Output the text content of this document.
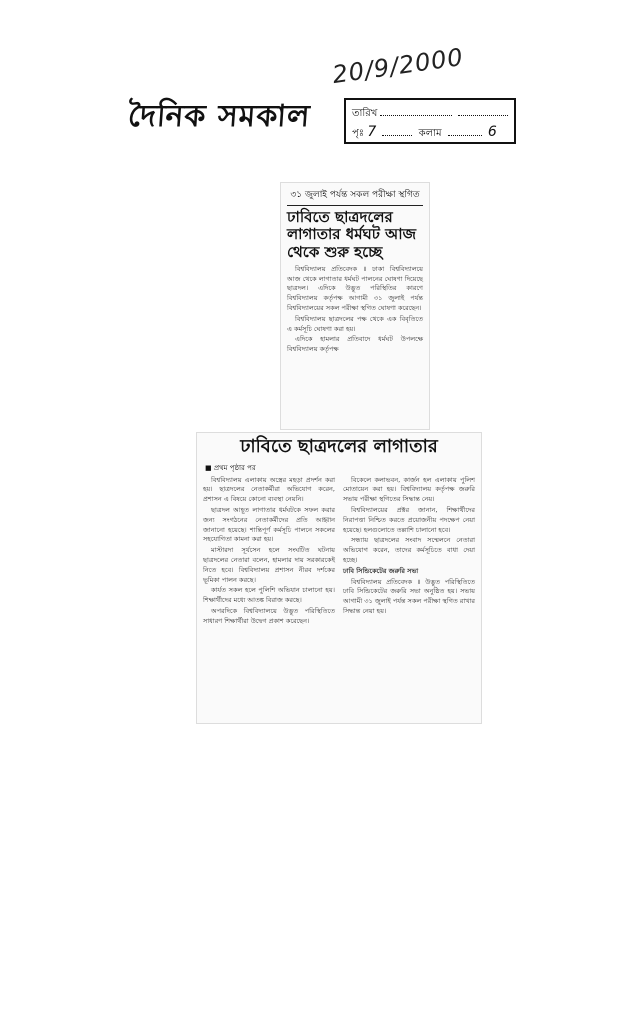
দৈনিক সমকাল
20/9/2000
তারিখ
পৃঃ 7	কলাম	6
৩১ জুলাই পর্যন্ত সকল পরীক্ষা স্থগিত
ঢাবিতে ছাত্রদলের
লাগাতার ধর্মঘট আজ
থেকে শুরু হচ্ছে

বিশ্ববিদ্যালয় প্রতিবেদক ॥ ঢাকা বিশ্ববিদ্যালয়ে আজ থেকে লাগাতার ধর্মঘট পালনের ঘোষণা দিয়েছে ছাত্রদল। এদিকে উদ্ভূত পরিস্থিতির কারণে বিশ্ববিদ্যালয় কর্তৃপক্ষ আগামী ৩১ জুলাই পর্যন্ত বিশ্ববিদ্যালয়ের সকল পরীক্ষা স্থগিত ঘোষণা করেছেন।

বিশ্ববিদ্যালয় ছাত্রদলের পক্ষ থেকে এক বিবৃতিতে এ কর্মসূচি ঘোষণা করা হয়।

এদিকে হামলার প্রতিবাদে ধর্মঘট উপলক্ষে বিশ্ববিদ্যালয় কর্তৃপক্ষ

ঢাবিতে ছাত্রদলের লাগাতার
■ প্রথম পৃষ্ঠার পর

বিশ্ববিদ্যালয় এলাকায় অস্ত্রের মহড়া প্রদর্শন করা হয়। ছাত্রদলের নেতাকর্মীরা অভিযোগ করেন, প্রশাসন এ বিষয়ে কোনো ব্যবস্থা নেয়নি।

ছাত্রদল আহূত লাগাতার ধর্মঘটকে সফল করার জন্য সংগঠনের নেতাকর্মীদের প্রতি আহ্বান জানানো হয়েছে। শান্তিপূর্ণ কর্মসূচি পালনে সকলের সহযোগিতা কামনা করা হয়।

মাস্টারদা সূর্যসেন হলে সংঘটিত ঘটনায় ছাত্রদলের নেতারা বলেন, হামলার দায় সরকারকেই নিতে হবে। বিশ্ববিদ্যালয় প্রশাসন নীরব দর্শকের ভূমিকা পালন করছে।

কার্যত সকল হলে পুলিশি অভিযান চালানো হয়। শিক্ষার্থীদের মধ্যে আতঙ্ক বিরাজ করছে।

অপরদিকে বিশ্ববিদ্যালয়ে উদ্ভূত পরিস্থিতিতে সাধারণ শিক্ষার্থীরা উদ্বেগ প্রকাশ করেছেন।

বিকেলে কলাভবন, কার্জন হল এলাকায় পুলিশ মোতায়েন করা হয়। বিশ্ববিদ্যালয় কর্তৃপক্ষ জরুরি সভায় পরীক্ষা স্থগিতের সিদ্ধান্ত নেয়।

বিশ্ববিদ্যালয়ের প্রক্টর জানান, শিক্ষার্থীদের নিরাপত্তা নিশ্চিত করতে প্রয়োজনীয় পদক্ষেপ নেয়া হয়েছে। হলগুলোতে তল্লাশি চালানো হবে।

সন্ধ্যায় ছাত্রদলের সংবাদ সম্মেলনে নেতারা অভিযোগ করেন, তাদের কর্মসূচিতে বাধা দেয়া হচ্ছে।

ঢাবি সিন্ডিকেটের জরুরি সভা

বিশ্ববিদ্যালয় প্রতিবেদক ॥ উদ্ভূত পরিস্থিতিতে ঢাবি সিন্ডিকেটের জরুরি সভা অনুষ্ঠিত হয়। সভায় আগামী ৩১ জুলাই পর্যন্ত সকল পরীক্ষা স্থগিত রাখার সিদ্ধান্ত নেয়া হয়।
